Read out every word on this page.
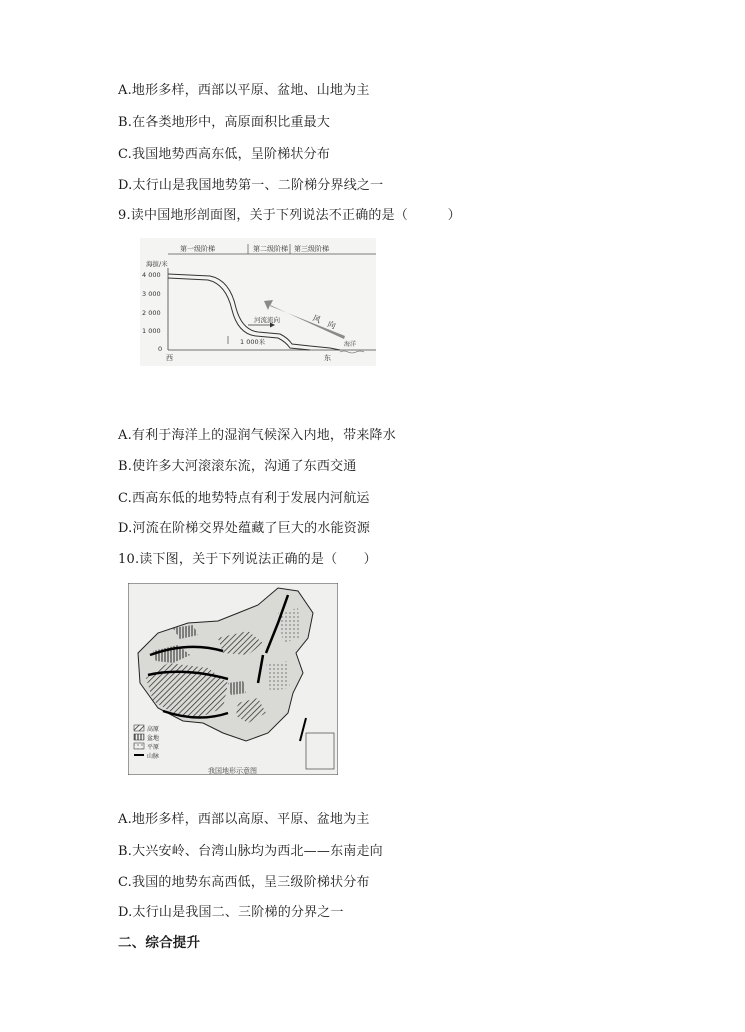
A.地形多样，西部以平原、盆地、山地为主
B.在各类地形中，高原面积比重最大
C.我国地势西高东低，呈阶梯状分布
D.太行山是我国地势第一、二阶梯分界线之一
9.读中国地形剖面图，关于下列说法不正确的是（　　　）
第一级阶梯	第二级阶梯 第三级阶梯
海拔/米
4 000
3 000
2 000
1 000
0
河流流向
1 000米
风　向
西	东
海洋
A.有利于海洋上的湿润气候深入内地，带来降水
B.使许多大河滚滚东流，沟通了东西交通
C.西高东低的地势特点有利于发展内河航运
D.河流在阶梯交界处蕴藏了巨大的水能资源
10.读下图，关于下列说法正确的是（　　）
高原
盆地
平原
山脉
我国地形示意图
A.地形多样，西部以高原、平原、盆地为主
B.大兴安岭、台湾山脉均为西北——东南走向
C.我国的地势东高西低，呈三级阶梯状分布
D.太行山是我国二、三阶梯的分界之一
二、综合提升
